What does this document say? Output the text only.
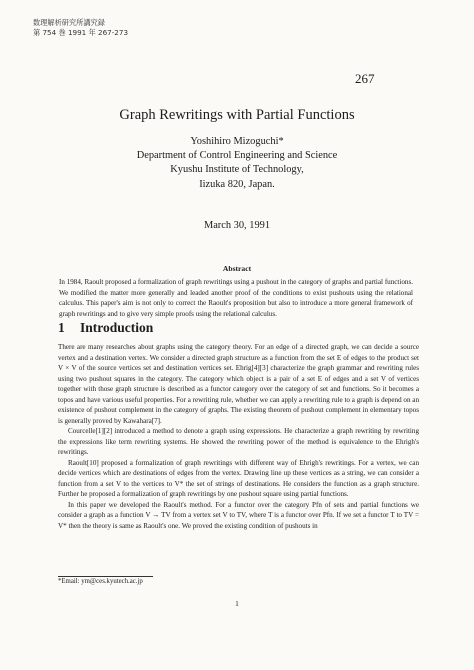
数理解析研究所講究録
第 754 巻 1991 年 267-273
267
Graph Rewritings with Partial Functions
Yoshihiro Mizoguchi*
Department of Control Engineering and Science
Kyushu Institute of Technology,
Iizuka 820, Japan.
March 30, 1991
Abstract
In 1984, Raoult proposed a formalization of graph rewritings using a pushout in the category of graphs and partial functions. We modified the matter more generally and leaded another proof of the conditions to exist pushouts using the relational calculus. This paper's aim is not only to correct the Raoult's proposition but also to introduce a more general framework of graph rewritings and to give very simple proofs using the relational calculus.
1 Introduction

There are many researches about graphs using the category theory. For an edge of a directed graph, we can decide a source vertex and a destination vertex. We consider a directed graph structure as a function from the set E of edges to the product set V × V of the source vertices set and destination vertices set. Ehrig[4][3] characterize the graph grammar and rewriting rules using two pushout squares in the category. The category which object is a pair of a set E of edges and a set V of vertices together with those graph structure is described as a functor category over the category of set and functions. So it becomes a topos and have various useful properties. For a rewriting rule, whether we can apply a rewriting rule to a graph is depend on an existence of pushout complement in the category of graphs. The existing theorem of pushout complement in elementary topos is generally proved by Kawahara[7].

Courcelle[1][2] introduced a method to denote a graph using expressions. He characterize a graph rewriting by rewriting the expressions like term rewriting systems. He showed the rewriting power of the method is equivalence to the Ehrigh's rewritings.

Raoult[10] proposed a formalization of graph rewritings with different way of Ehrigh's rewritings. For a vertex, we can decide vertices which are destinations of edges from the vertex. Drawing line up these vertices as a string, we can consider a function from a set V to the vertices to V* the set of strings of destinations. He considers the function as a graph structure. Further he proposed a formalization of graph rewritings by one pushout square using partial functions.

In this paper we developed the Raoult's method. For a functor over the category Pfn of sets and partial functions we consider a graph as a function V → TV from a vertex set V to TV, where T is a functor over Pfn. If we set a functor T to TV = V* then the theory is same as Raoult's one. We proved the existing condition of pushouts in

*Email: ym@ces.kyutech.ac.jp
1
